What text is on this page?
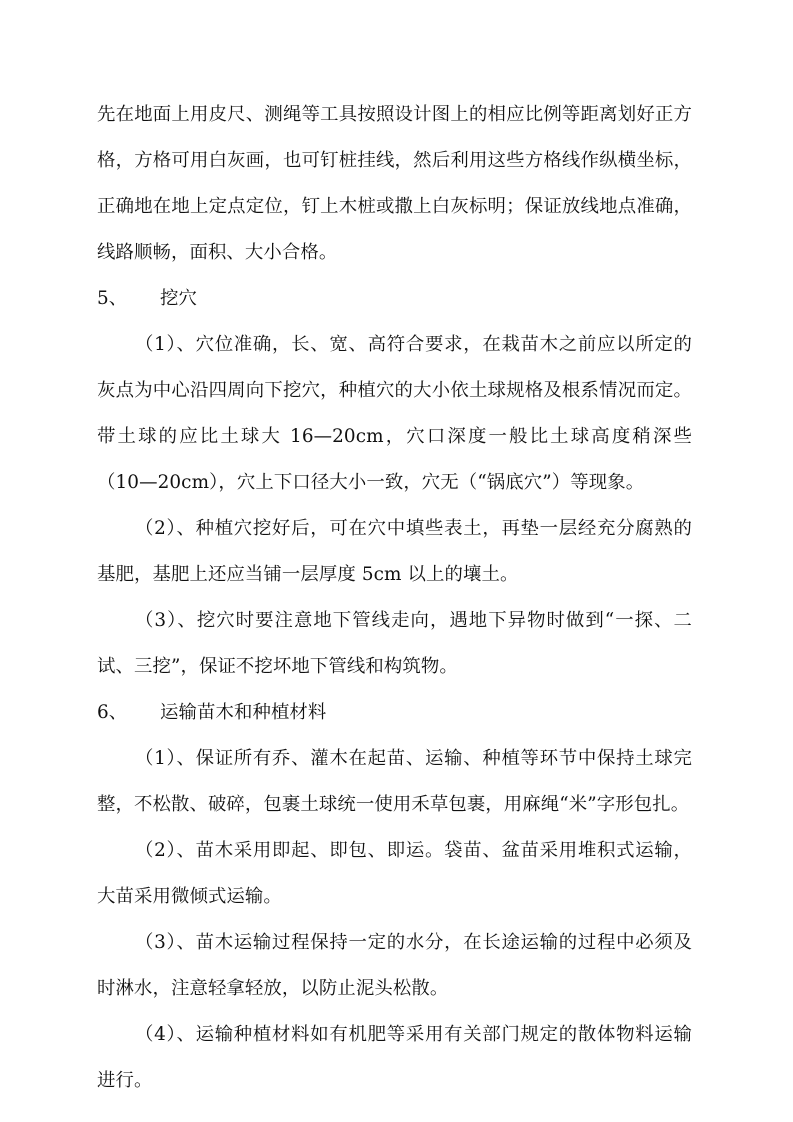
先在地面上用皮尺、测绳等工具按照设计图上的相应比例等距离划好正方
格，方格可用白灰画，也可钉桩挂线，然后利用这些方格线作纵横坐标，
正确地在地上定点定位，钉上木桩或撒上白灰标明；保证放线地点准确，
线路顺畅，面积、大小合格。
5、	挖穴
（1）、穴位准确，长、宽、高符合要求，在栽苗木之前应以所定的
灰点为中心沿四周向下挖穴，种植穴的大小依土球规格及根系情况而定。
带土球的应比土球大 16—20cm，穴口深度一般比土球高度稍深些
（10—20cm），穴上下口径大小一致，穴无（“锅底穴”）等现象。
（2）、种植穴挖好后，可在穴中填些表土，再垫一层经充分腐熟的
基肥，基肥上还应当铺一层厚度 5cm 以上的壤土。
（3）、挖穴时要注意地下管线走向，遇地下异物时做到“一探、二
试、三挖”，保证不挖坏地下管线和构筑物。
6、	运输苗木和种植材料
（1）、保证所有乔、灌木在起苗、运输、种植等环节中保持土球完
整，不松散、破碎，包裹土球统一使用禾草包裹，用麻绳“米”字形包扎。
（2）、苗木采用即起、即包、即运。袋苗、盆苗采用堆积式运输，
大苗采用微倾式运输。
（3）、苗木运输过程保持一定的水分，在长途运输的过程中必须及
时淋水，注意轻拿轻放，以防止泥头松散。
（4）、运输种植材料如有机肥等采用有关部门规定的散体物料运输
进行。
